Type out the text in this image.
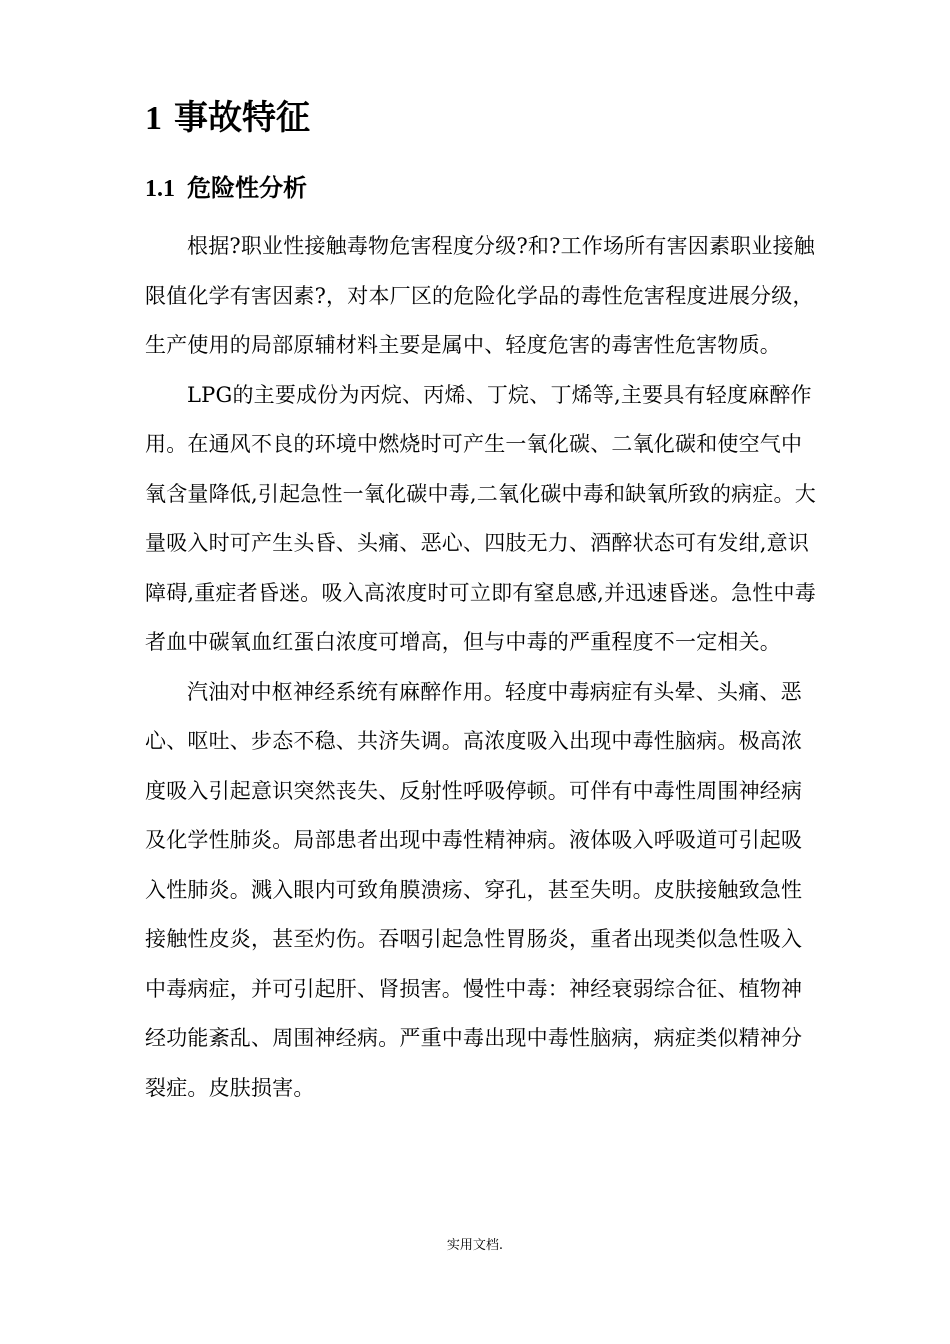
1 事故特征
1.1 危险性分析

根据?职业性接触毒物危害程度分级?和?工作场所有害因素职业接触限值化学有害因素?，对本厂区的危险化学品的毒性危害程度进展分级，生产使用的局部原辅材料主要是属中、轻度危害的毒害性危害物质。

LPG的主要成份为丙烷、丙烯、丁烷、丁烯等,主要具有轻度麻醉作用。在通风不良的环境中燃烧时可产生一氧化碳、二氧化碳和使空气中氧含量降低,引起急性一氧化碳中毒,二氧化碳中毒和缺氧所致的病症。大量吸入时可产生头昏、头痛、恶心、四肢无力、酒醉状态可有发绀,意识障碍,重症者昏迷。吸入高浓度时可立即有窒息感,并迅速昏迷。急性中毒者血中碳氧血红蛋白浓度可增高，但与中毒的严重程度不一定相关。

汽油对中枢神经系统有麻醉作用。轻度中毒病症有头晕、头痛、恶心、呕吐、步态不稳、共济失调。高浓度吸入出现中毒性脑病。极高浓度吸入引起意识突然丧失、反射性呼吸停顿。可伴有中毒性周围神经病及化学性肺炎。局部患者出现中毒性精神病。液体吸入呼吸道可引起吸入性肺炎。溅入眼内可致角膜溃疡、穿孔，甚至失明。皮肤接触致急性接触性皮炎，甚至灼伤。吞咽引起急性胃肠炎，重者出现类似急性吸入中毒病症，并可引起肝、肾损害。慢性中毒：神经衰弱综合征、植物神经功能紊乱、周围神经病。严重中毒出现中毒性脑病，病症类似精神分裂症。皮肤损害。

实用文档.
